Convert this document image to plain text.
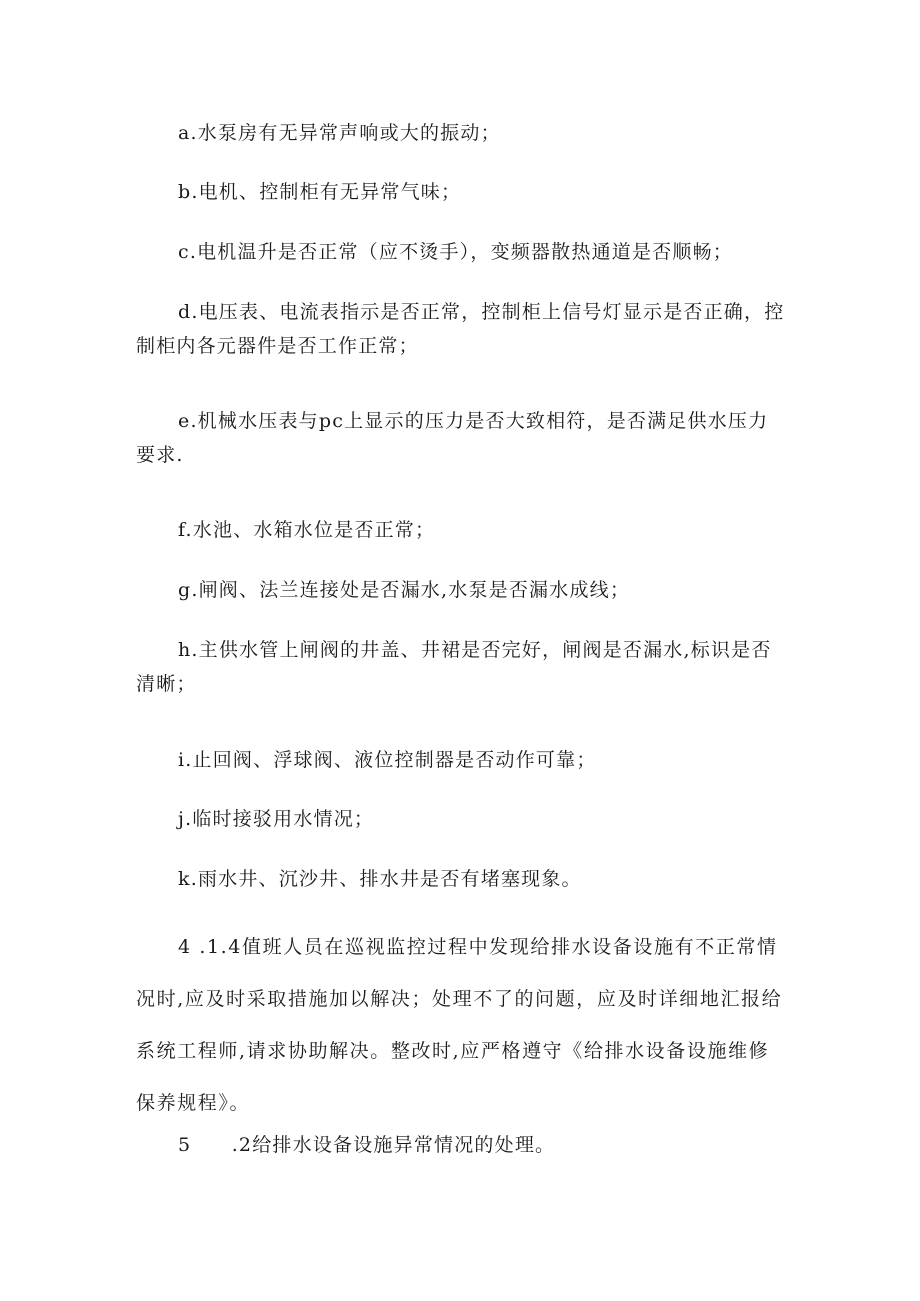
a.水泵房有无异常声响或大的振动；

b.电机、控制柜有无异常气味；

c.电机温升是否正常（应不烫手），变频器散热通道是否顺畅；

d.电压表、电流表指示是否正常，控制柜上信号灯显示是否正确，控制柜内各元器件是否工作正常；

e.机械水压表与pc上显示的压力是否大致相符，是否满足供水压力要求.

f.水池、水箱水位是否正常；

g.闸阀、法兰连接处是否漏水,水泵是否漏水成线；

h.主供水管上闸阀的井盖、井裙是否完好，闸阀是否漏水,标识是否清晰；

i.止回阀、浮球阀、液位控制器是否动作可靠；

j.临时接驳用水情况；

k.雨水井、沉沙井、排水井是否有堵塞现象。

4 .1.4值班人员在巡视监控过程中发现给排水设备设施有不正常情况时,应及时采取措施加以解决；处理不了的问题，应及时详细地汇报给系统工程师,请求协助解决。整改时,应严格遵守《给排水设备设施维修保养规程》。

5　　.2给排水设备设施异常情况的处理。
